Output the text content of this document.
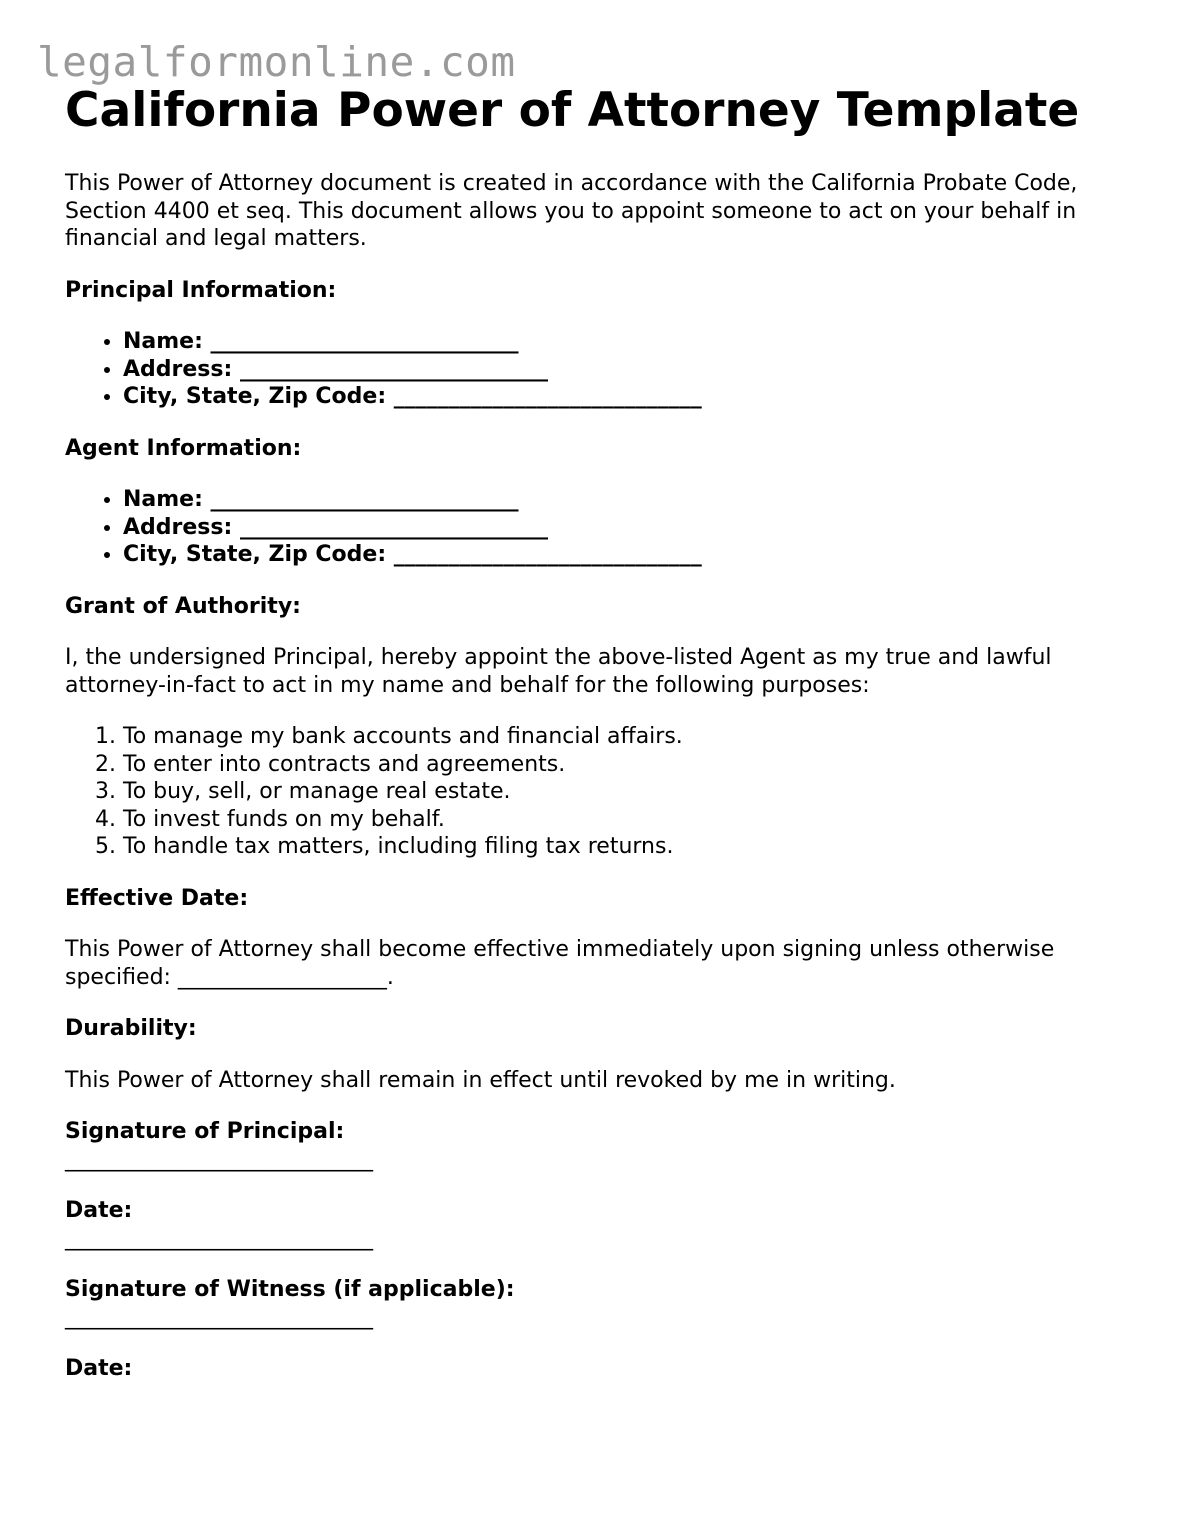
legalformonline.com
California Power of Attorney Template

This Power of Attorney document is created in accordance with the California Probate Code, Section 4400 et seq. This document allows you to appoint someone to act on your behalf in financial and legal matters.

Principal Information:
• Name: ____________________________
• Address: ____________________________
• City, State, Zip Code: ____________________________
Agent Information:
• Name: ____________________________
• Address: ____________________________
• City, State, Zip Code: ____________________________
Grant of Authority:

I, the undersigned Principal, hereby appoint the above-listed Agent as my true and lawful attorney-in-fact to act in my name and behalf for the following purposes:

1. To manage my bank accounts and financial affairs.
2. To enter into contracts and agreements.
3. To buy, sell, or manage real estate.
4. To invest funds on my behalf.
5. To handle tax matters, including filing tax returns.
Effective Date:

This Power of Attorney shall become effective immediately upon signing unless otherwise specified: ___________________.

Durability:

This Power of Attorney shall remain in effect until revoked by me in writing.

Signature of Principal:
____________________________
Date:
____________________________
Signature of Witness (if applicable):
____________________________
Date:
